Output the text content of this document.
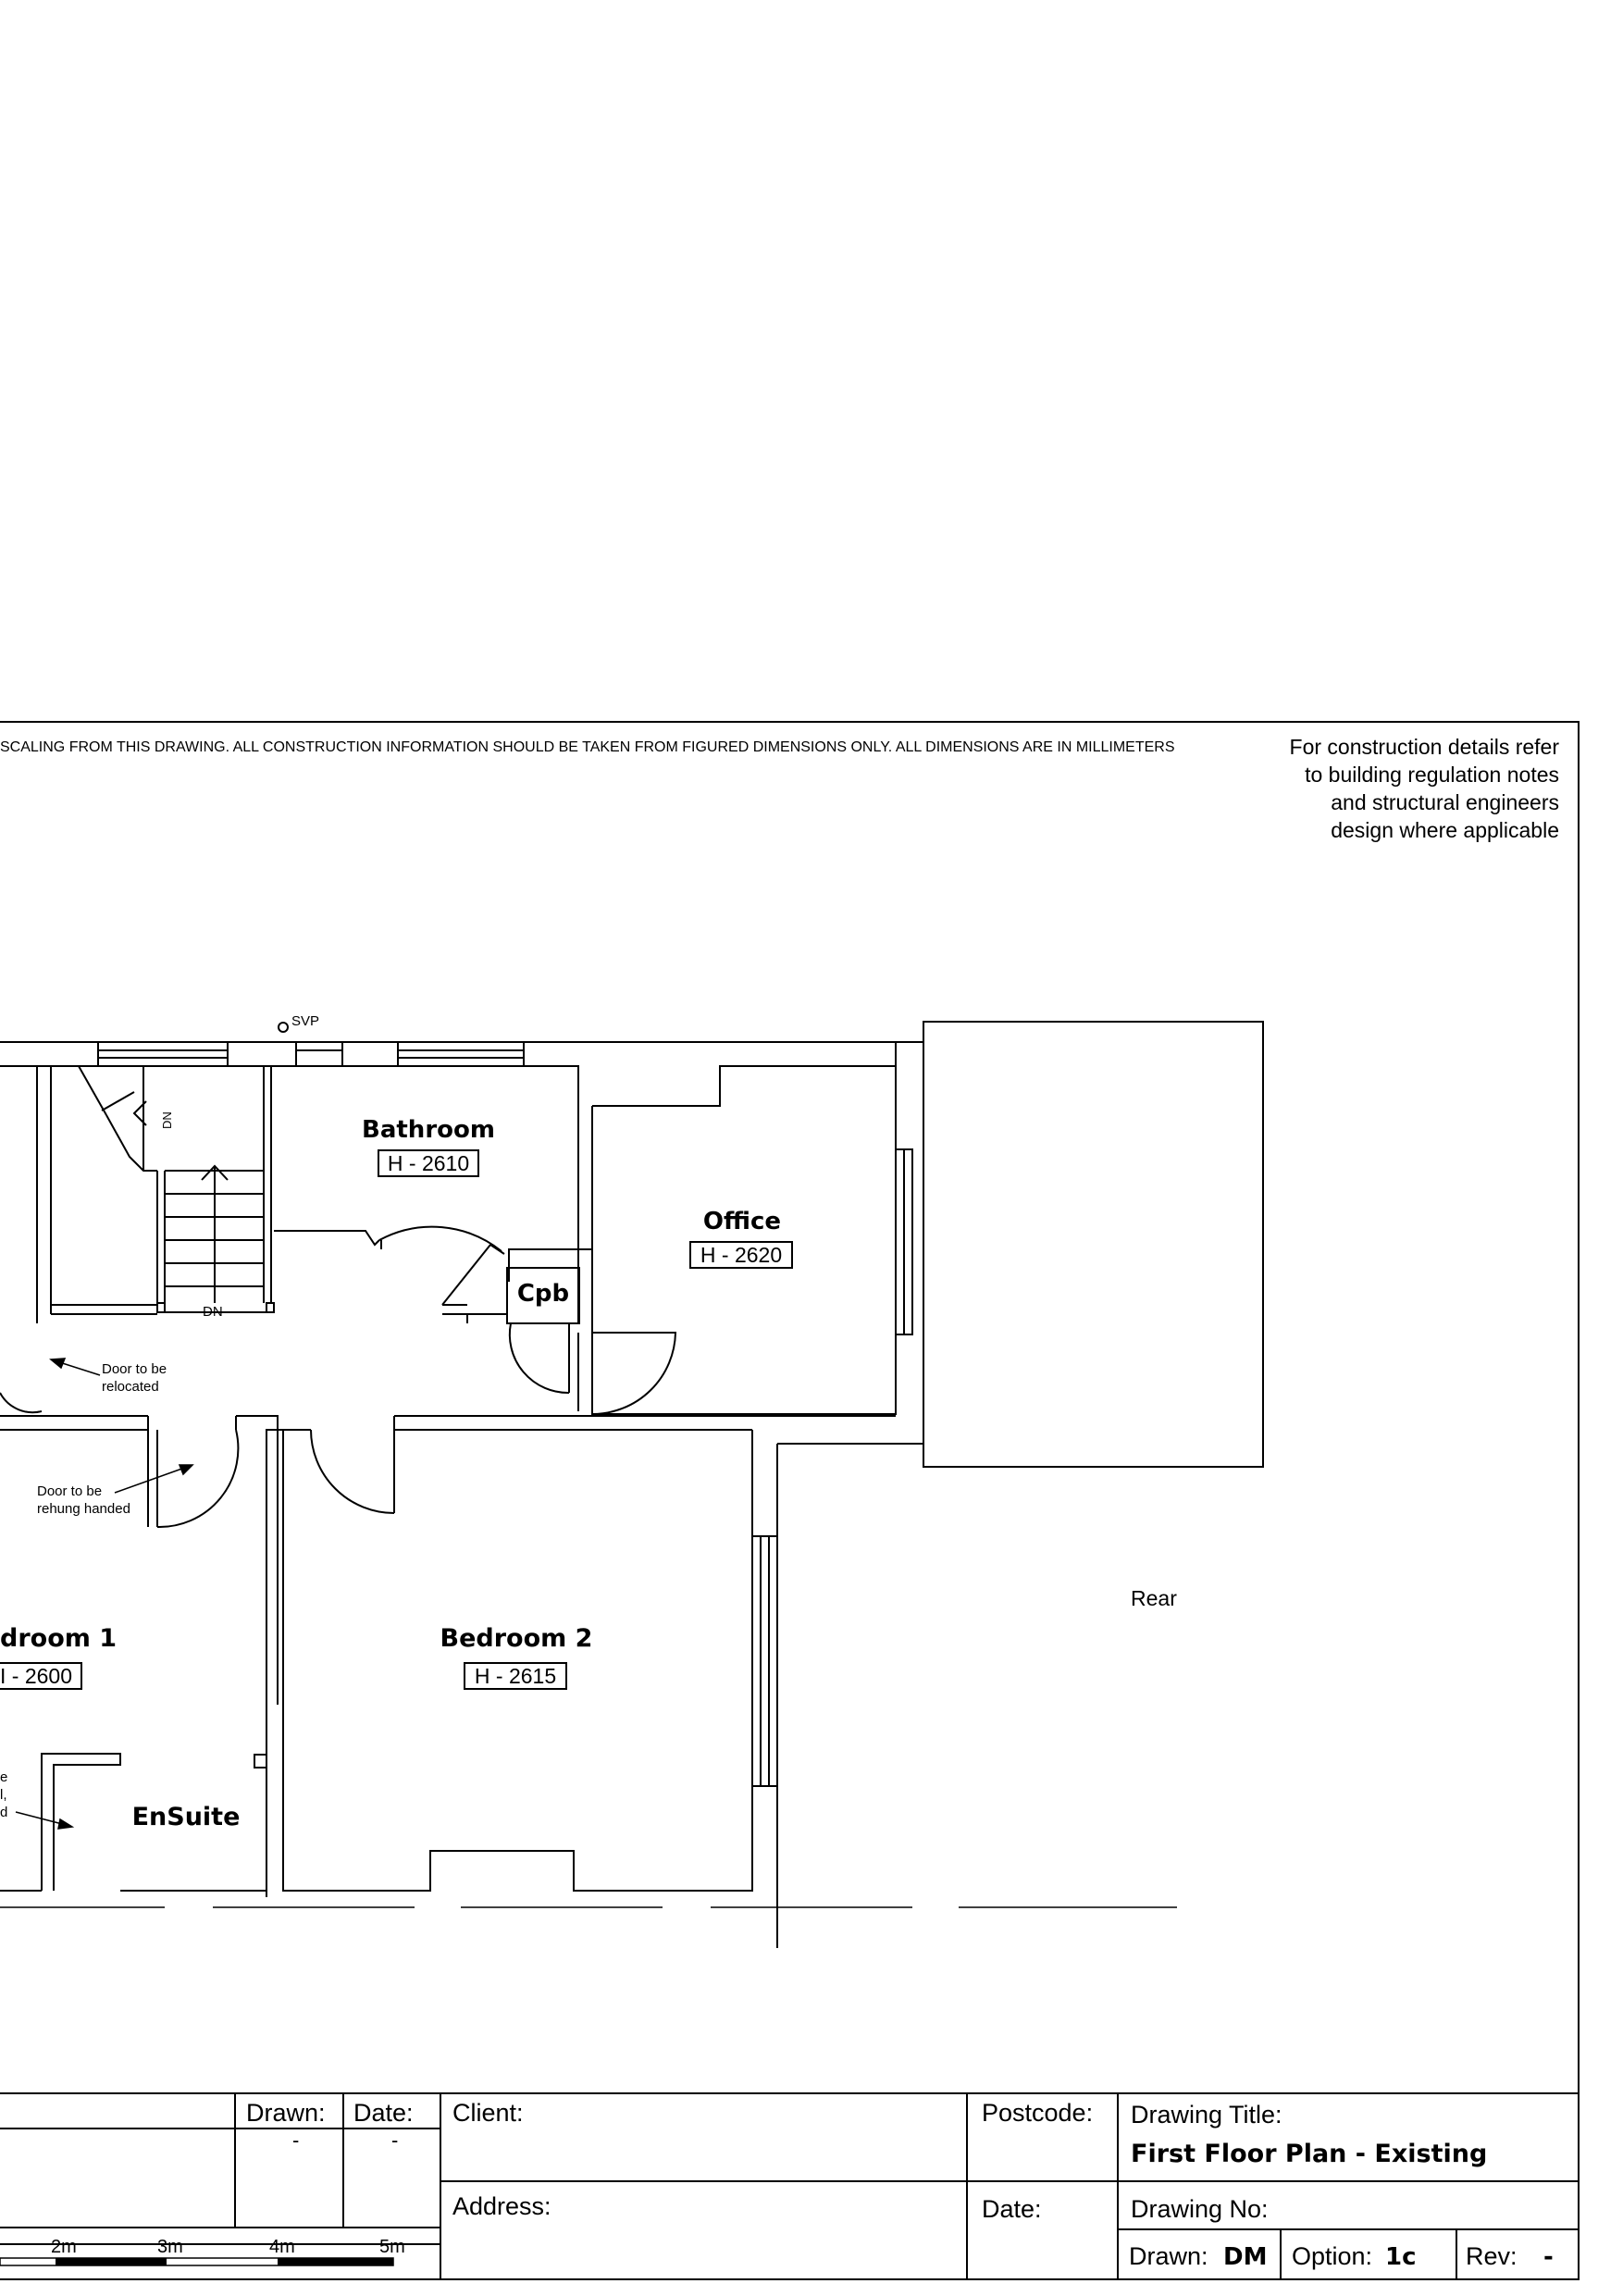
SCALING FROM THIS DRAWING. ALL CONSTRUCTION INFORMATION SHOULD BE TAKEN FROM FIGURED DIMENSIONS ONLY. ALL DIMENSIONS ARE IN MILLIMETERS
SVP
DN
DN
Bathroom
H - 2610
Office
H - 2620
Cpb
Door to be
relocated
Door to be
rehung handed
droom 1
I - 2600
Bedroom 2
H - 2615
EnSuite
e
l,
d
Rear
Drawn: Date:
-	-
Client:
Address:
Postcode:
Date:
Drawing Title:
First Floor Plan - Existing
Drawing No:
Drawn: DM Option: 1c Rev: -
2m	3m	4m	5m
For construction details refer
to building regulation notes
and structural engineers
design where applicable
